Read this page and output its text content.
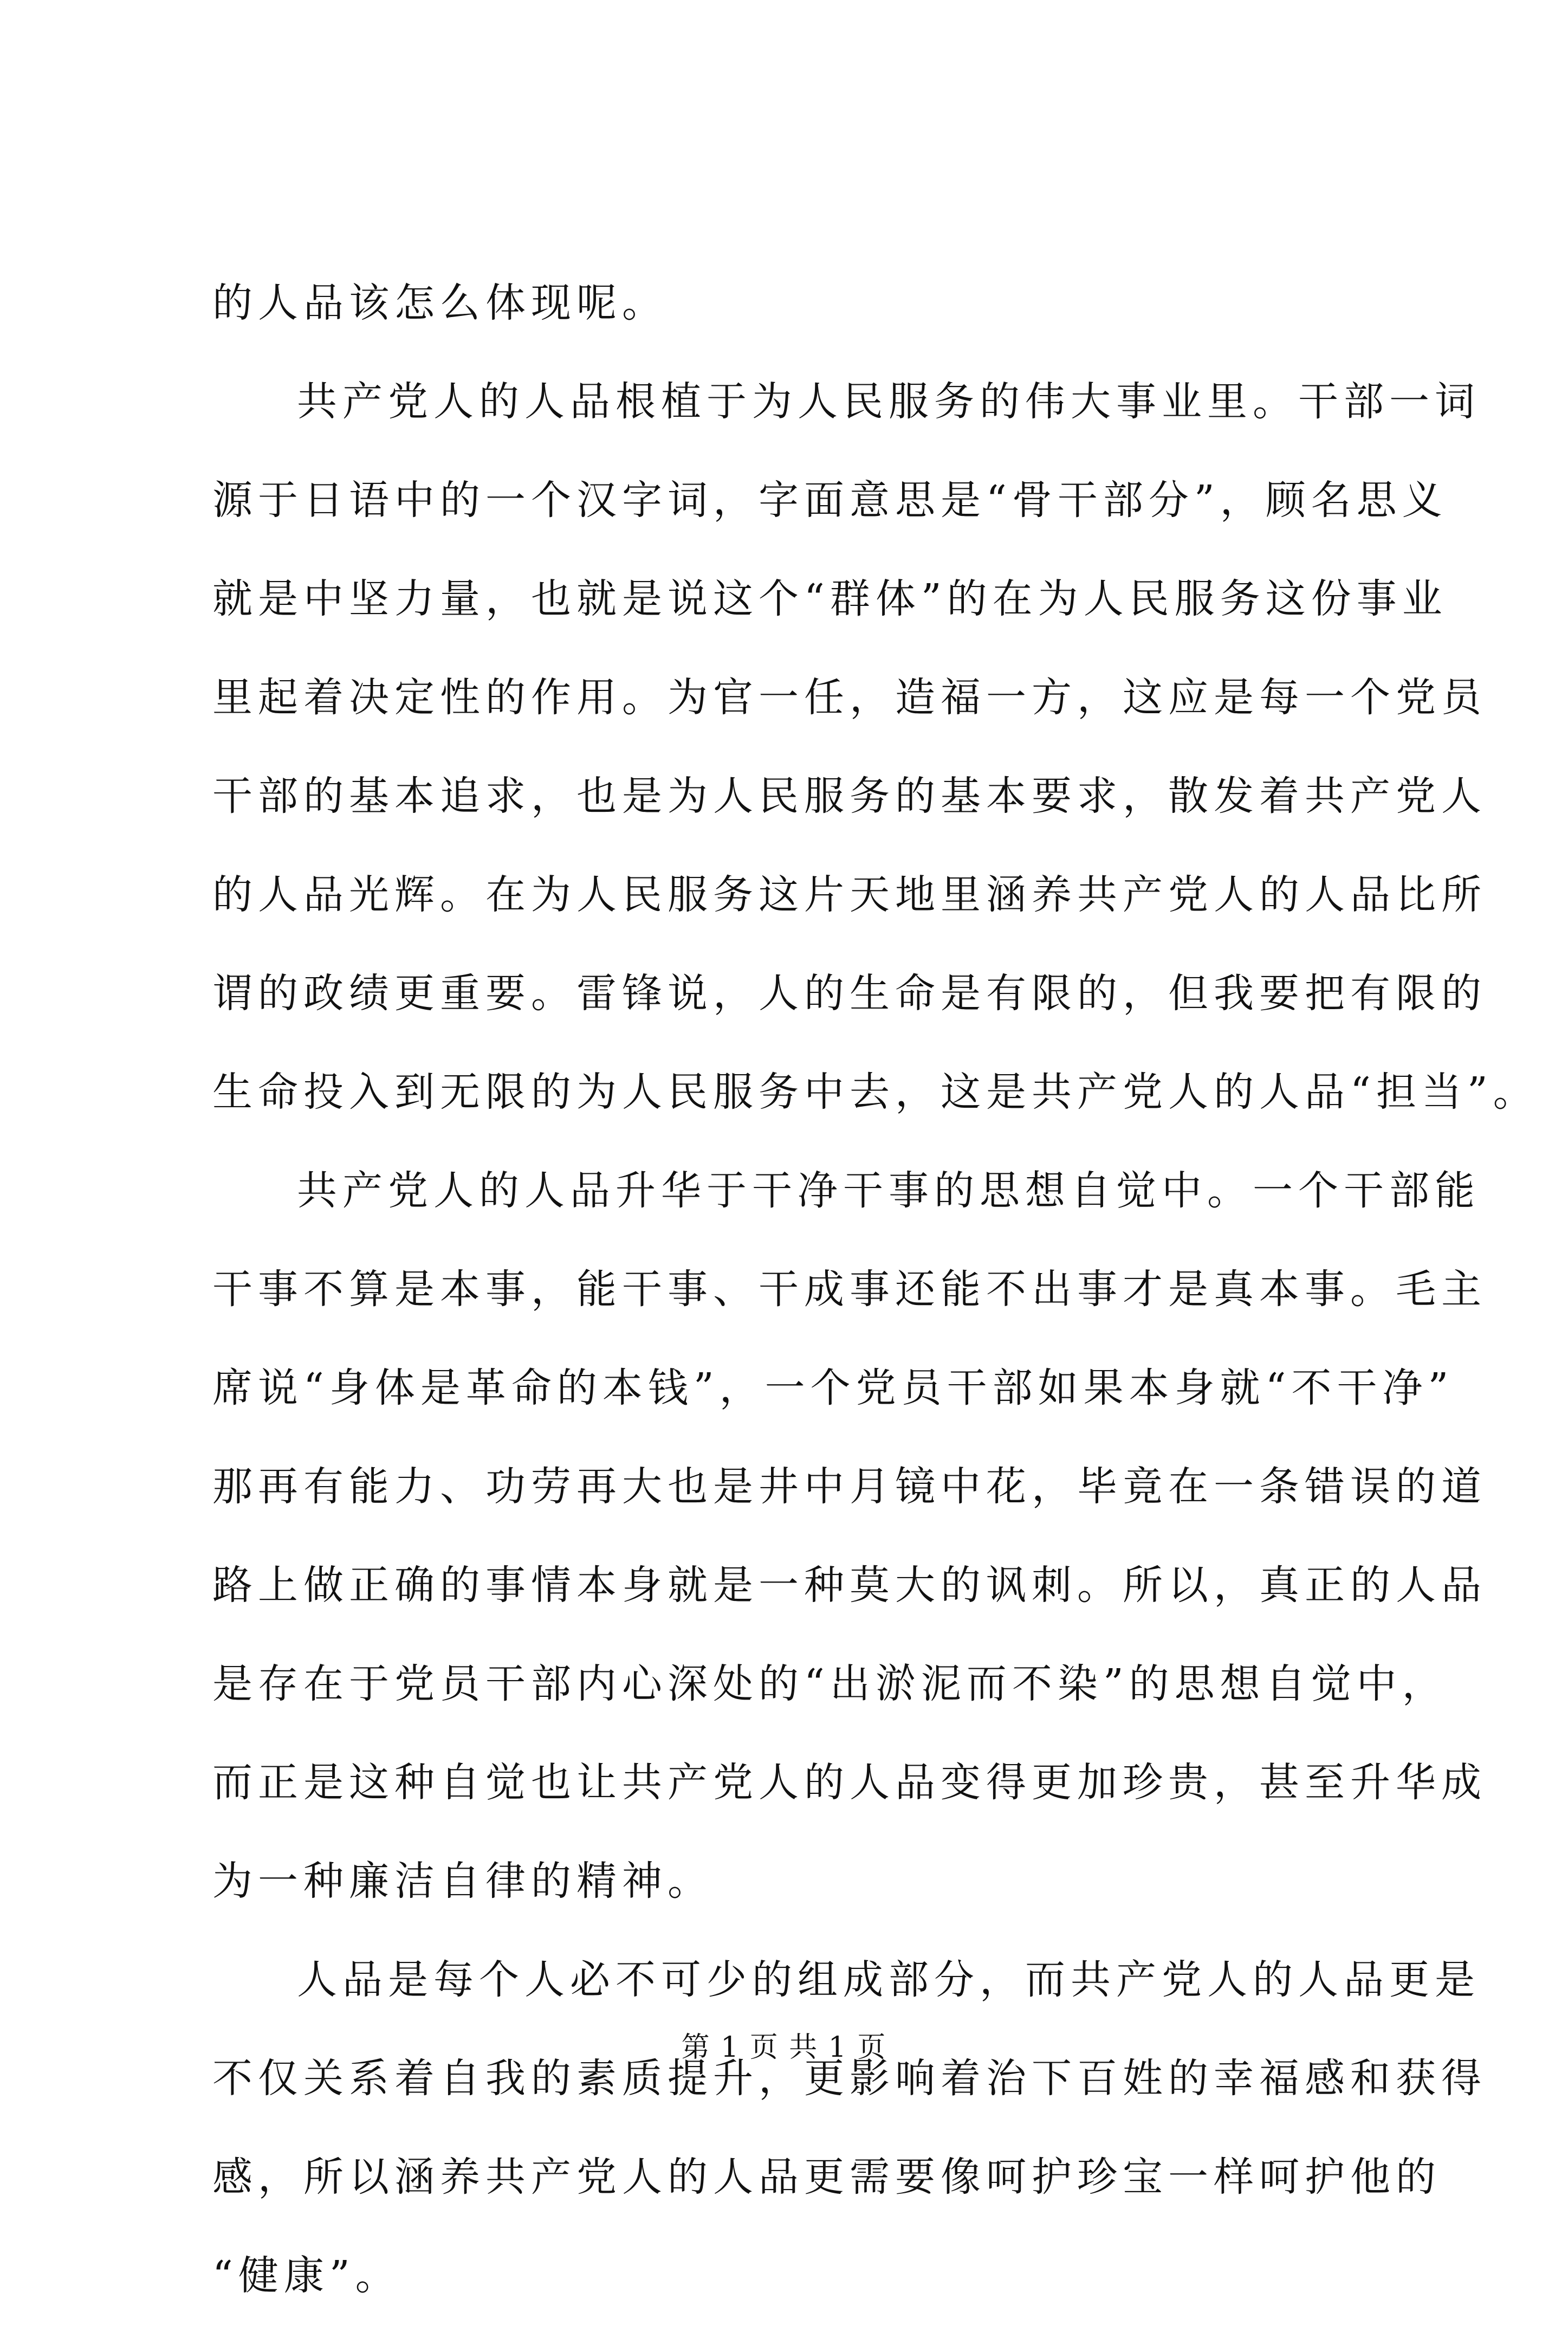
的人品该怎么体现呢。
共产党人的人品根植于为人民服务的伟大事业里。干部一词
源于日语中的一个汉字词，字面意思是“骨干部分”，顾名思义
就是中坚力量，也就是说这个“群体”的在为人民服务这份事业
里起着决定性的作用。为官一任，造福一方，这应是每一个党员
干部的基本追求，也是为人民服务的基本要求，散发着共产党人
的人品光辉。在为人民服务这片天地里涵养共产党人的人品比所
谓的政绩更重要。雷锋说，人的生命是有限的，但我要把有限的
生命投入到无限的为人民服务中去，这是共产党人的人品“担当”。
共产党人的人品升华于干净干事的思想自觉中。一个干部能
干事不算是本事，能干事、干成事还能不出事才是真本事。毛主
席说“身体是革命的本钱”，一个党员干部如果本身就“不干净”
那再有能力、功劳再大也是井中月镜中花，毕竟在一条错误的道
路上做正确的事情本身就是一种莫大的讽刺。所以，真正的人品
是存在于党员干部内心深处的“出淤泥而不染”的思想自觉中，
而正是这种自觉也让共产党人的人品变得更加珍贵，甚至升华成
为一种廉洁自律的精神。
人品是每个人必不可少的组成部分，而共产党人的人品更是
不仅关系着自我的素质提升，更影响着治下百姓的幸福感和获得
感，所以涵养共产党人的人品更需要像呵护珍宝一样呵护他的
“健康”。
第 1 页 共 1 页
